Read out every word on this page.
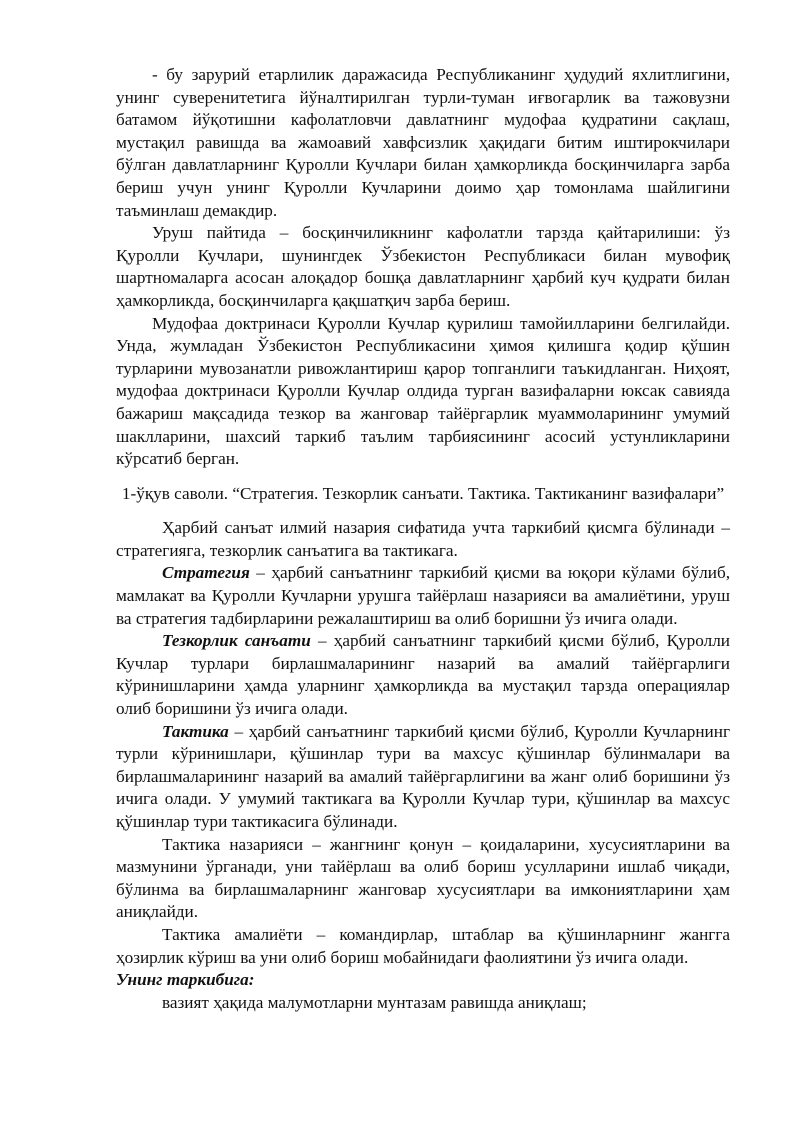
- бу зарурий етарлилик даражасида Республиканинг ҳудудий яхлитлигини, унинг суверенитетига йўналтирилган турли-туман иғвогарлик ва тажовузни батамом йўқотишни кафолатловчи давлатнинг мудофаа қудратини сақлаш, мустақил равишда ва жамоавий хавфсизлик ҳақидаги битим иштирокчилари бўлган давлатларнинг Қуролли Кучлари билан ҳамкорликда босқинчиларга зарба бериш учун унинг Қуролли Кучларини доимо ҳар томонлама шайлигини таъминлаш демакдир.

Уруш пайтида – босқинчиликнинг кафолатли тарзда қайтарилиши: ўз Қуролли Кучлари, шунингдек Ўзбекистон Республикаси билан мувофиқ шартномаларга асосан алоқадор бошқа давлатларнинг ҳарбий куч қудрати билан ҳамкорликда, босқинчиларга қақшатқич зарба бериш.

Мудофаа доктринаси Қуролли Кучлар қурилиш тамойилларини белгилайди. Унда, жумладан Ўзбекистон Республикасини ҳимоя қилишга қодир қўшин турларини мувозанатли ривожлантириш қарор топганлиги таъкидланган. Ниҳоят, мудофаа доктринаси Қуролли Кучлар олдида турган вазифаларни юксак савияда бажариш мақсадида тезкор ва жанговар тайёргарлик муаммоларининг умумий шаклларини, шахсий таркиб таълим тарбиясининг асосий устунликларини кўрсатиб берган.

1-ўқув саволи. “Стратегия. Тезкорлик санъати. Тактика. Тактиканинг вазифалари”

Ҳарбий санъат илмий назария сифатида учта таркибий қисмга бўлинади – стратегияга, тезкорлик санъатига ва тактикага.

Стратегия – ҳарбий санъатнинг таркибий қисми ва юқори кўлами бўлиб, мамлакат ва Қуролли Кучларни урушга тайёрлаш назарияси ва амалиётини, уруш ва стратегия тадбирларини режалаштириш ва олиб боришни ўз ичига олади.

Тезкорлик санъати – ҳарбий санъатнинг таркибий қисми бўлиб, Қуролли Кучлар турлари бирлашмаларининг назарий ва амалий тайёргарлиги кўринишларини ҳамда уларнинг ҳамкорликда ва мустақил тарзда операциялар олиб боришини ўз ичига олади.

Тактика – ҳарбий санъатнинг таркибий қисми бўлиб, Қуролли Кучларнинг турли кўринишлари, қўшинлар тури ва махсус қўшинлар бўлинмалари ва бирлашмаларининг назарий ва амалий тайёргарлигини ва жанг олиб боришини ўз ичига олади. У умумий тактикага ва Қуролли Кучлар тури, қўшинлар ва махсус қўшинлар тури тактикасига бўлинади.

Тактика назарияси – жангнинг қонун – қоидаларини, хусусиятларини ва мазмунини ўрганади, уни тайёрлаш ва олиб бориш усулларини ишлаб чиқади, бўлинма ва бирлашмаларнинг жанговар хусусиятлари ва имкониятларини ҳам аниқлайди.

Тактика амалиёти – командирлар, штаблар ва қўшинларнинг жангга ҳозирлик кўриш ва уни олиб бориш мобайнидаги фаолиятини ўз ичига олади.
Унинг таркибига:

вазият ҳақида малумотларни мунтазам равишда аниқлаш;
